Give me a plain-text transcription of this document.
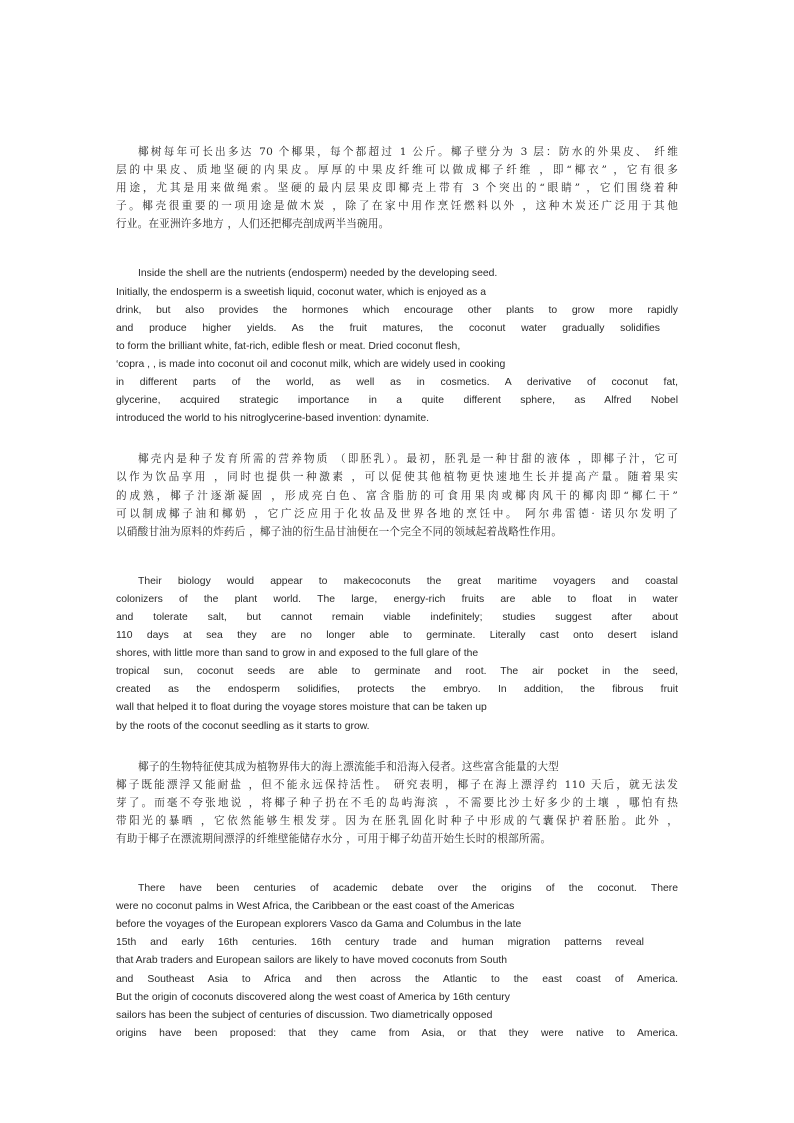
椰树每年可长出多达 70 个椰果，每个都超过 1 公斤。椰子壁分为 3 层：防水的外果皮、 纤维
层的中果皮、质地坚硬的内果皮。厚厚的中果皮纤维可以做成椰子纤维 ，即“椰衣” ，它有很多
用途，尤其是用来做绳索。坚硬的最内层果皮即椰壳上带有 3 个突出的“眼睛” ，它们围绕着种
子。椰壳很重要的一项用途是做木炭 ，除了在家中用作烹饪燃料以外 ，这种木炭还广泛用于其他
行业。在亚洲许多地方 ，人们还把椰壳剖成两半当碗用。
Inside the shell are the nutrients (endosperm) needed by the developing seed.
Initially, the endosperm is a sweetish liquid, coconut water, which is enjoyed as a
drink, but also provides the hormones which encourage other plants to grow more rapidly
and produce higher yields. As the fruit matures, the coconut water gradually solidifies
to form the brilliant white, fat-rich, edible flesh or meat. Dried coconut flesh,
‘copra , , is made into coconut oil and coconut milk, which are widely used in cooking
in different parts of the world, as well as in cosmetics. A derivative of coconut fat,
glycerine, acquired strategic importance in a quite different sphere, as Alfred Nobel
introduced the world to his nitroglycerine-based invention: dynamite.
椰壳内是种子发育所需的营养物质 （即胚乳）。最初，胚乳是一种甘甜的液体 ，即椰子汁，它可
以作为饮品享用 ，同时也提供一种激素 ，可以促使其他植物更快速地生长并提高产量。随着果实
的成熟，椰子汁逐渐凝固 ，形成亮白色、富含脂肪的可食用果肉或椰肉风干的椰肉即“椰仁干”
可以制成椰子油和椰奶 ，它广泛应用于化妆品及世界各地的烹饪中。 阿尔弗雷德· 诺贝尔发明了
以硝酸甘油为原料的炸药后 ，椰子油的衍生品甘油便在一个完全不同的领域起着战略性作用。
Their biology would appear to makecoconuts the great maritime voyagers and coastal
colonizers of the plant world. The large, energy-rich fruits are able to float in water
and tolerate salt, but cannot remain viable indefinitely; studies suggest after about
110 days at sea they are no longer able to germinate. Literally cast onto desert island
shores, with little more than sand to grow in and exposed to the full glare of the
tropical sun, coconut seeds are able to germinate and root. The air pocket in the seed,
created as the endosperm solidifies, protects the embryo. In addition, the fibrous fruit
wall that helped it to float during the voyage stores moisture that can be taken up
by the roots of the coconut seedling as it starts to grow.
椰子的生物特征使其成为植物界伟大的海上漂流能手和沿海入侵者。这些富含能量的大型
椰子既能漂浮又能耐盐 ，但不能永远保持活性。 研究表明，椰子在海上漂浮约 110 天后，就无法发
芽了。而毫不夸张地说 ，将椰子种子扔在不毛的岛屿海滨 ，不需要比沙土好多少的土壤 ，哪怕有热
带阳光的暴晒 ，它依然能够生根发芽。因为在胚乳固化时种子中形成的气囊保护着胚胎。此外 ，
有助于椰子在漂流期间漂浮的纤维壁能储存水分 ，可用于椰子幼苗开始生长时的根部所需。
There have been centuries of academic debate over the origins of the coconut. There
were no coconut palms in West Africa, the Caribbean or the east coast of the Americas
before the voyages of the European explorers Vasco da Gama and Columbus in the late
15th and early 16th centuries. 16th century trade and human migration patterns reveal
that Arab traders and European sailors are likely to have moved coconuts from South
and Southeast Asia to Africa and then across the Atlantic to the east coast of America.
But the origin of coconuts discovered along the west coast of America by 16th century
sailors has been the subject of centuries of discussion. Two diametrically opposed
origins have been proposed: that they came from Asia, or that they were native to America.
